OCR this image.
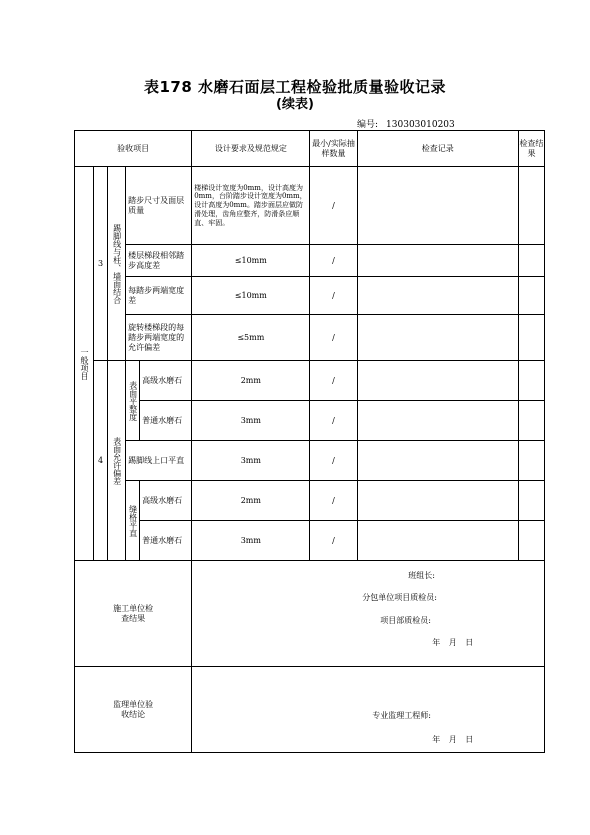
表178 水磨石面层工程检验批质量验收记录
(续表)
编号: 130303010203
验收项目					设计要求及规范规定	最小/实际抽样数量	检查记录	检查结果

一般项目	3	踢脚线与柱、墙面结合	踏步尺寸及面层质量		楼梯设计宽度为0mm，设计高度为0mm，台阶踏步设计宽度为0mm，设计高度为0mm。踏步面层应做防滑处理，齿角应整齐，防滑条应顺直、牢固。	/		
			楼层梯段相邻踏步高度差		≤10mm	/		
			每踏步两端宽度差		≤10mm	/		
			旋转楼梯段的每踏步两端宽度的允许偏差		≤5mm	/		
	4	表面允许偏差	表面平整度	高级水磨石	2mm	/		
				普通水磨石	3mm	/		
			踢脚线上口平直		3mm	/		

			缝格平直	高级水磨石	2mm	/		
				普通水磨石	3mm	/		

施工单位检查结果					班组长:
分包单位项目质检员:
项目部质检员:
年 月 日			

监理单位验收结论					专业监理工程师:
年 月 日			
